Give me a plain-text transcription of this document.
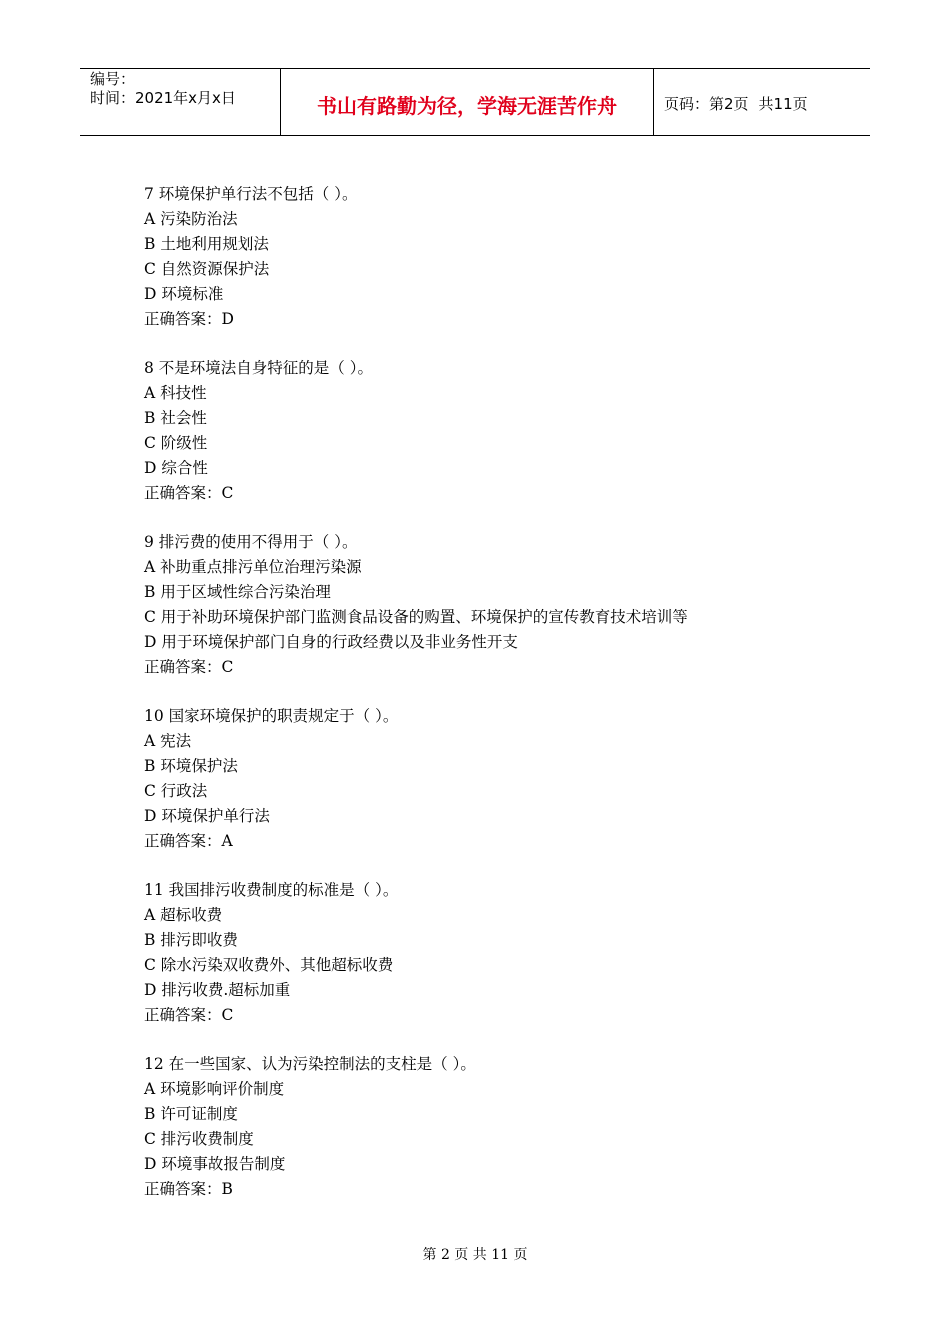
编号：
时间：2021年x月x日	书山有路勤为径，学海无涯苦作舟	页码：第2页 共11页
7 环境保护单行法不包括（ ）。
A 污染防治法
B 土地利用规划法
C 自然资源保护法
D 环境标准
正确答案：D
8 不是环境法自身特征的是（ ）。
A 科技性
B 社会性
C 阶级性
D 综合性
正确答案：C
9 排污费的使用不得用于（ ）。
A 补助重点排污单位治理污染源
B 用于区域性综合污染治理
C 用于补助环境保护部门监测食品设备的购置、环境保护的宣传教育技术培训等
D 用于环境保护部门自身的行政经费以及非业务性开支
正确答案：C
10 国家环境保护的职责规定于（ ）。
A 宪法
B 环境保护法
C 行政法
D 环境保护单行法
正确答案：A
11 我国排污收费制度的标准是（ ）。
A 超标收费
B 排污即收费
C 除水污染双收费外、其他超标收费
D 排污收费.超标加重
正确答案：C
12 在一些国家、认为污染控制法的支柱是（ ）。
A 环境影响评价制度
B 许可证制度
C 排污收费制度
D 环境事故报告制度
正确答案：B
第 2 页 共 11 页
